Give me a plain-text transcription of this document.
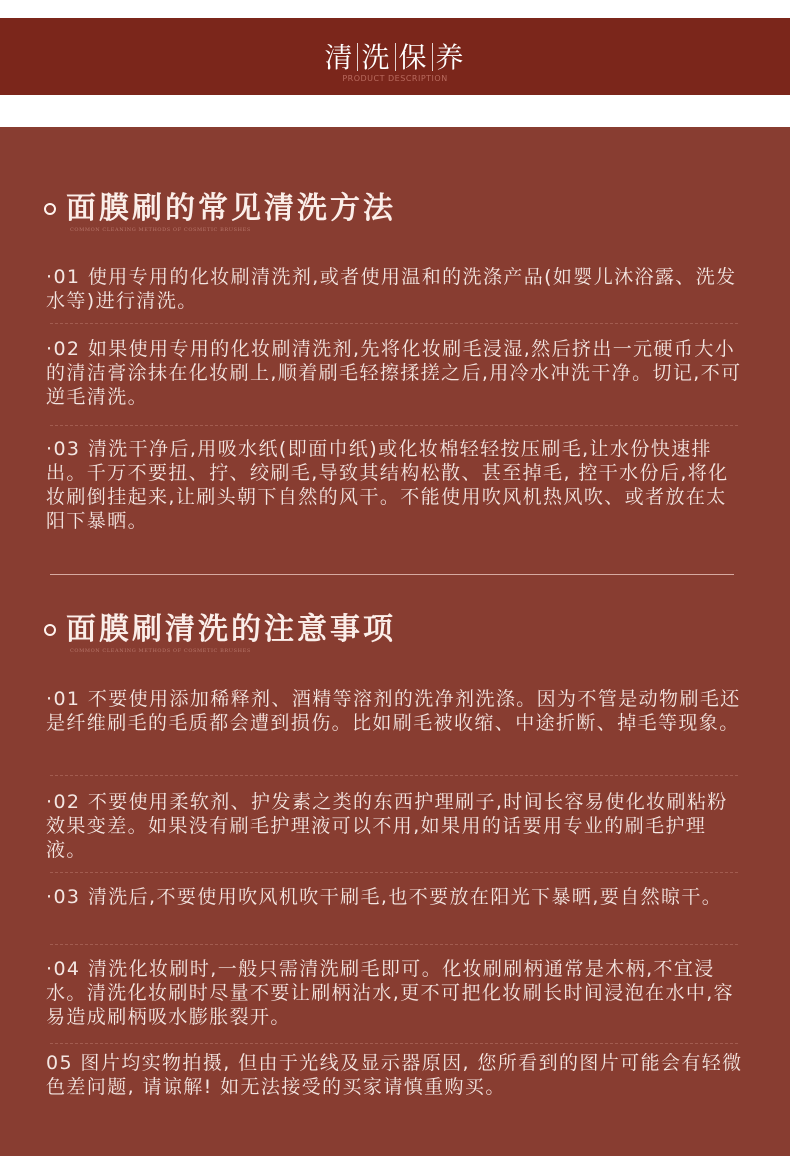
清 洗 保 养
PRODUCT DESCRIPTION
面膜刷的常见清洗方法
COMMON CLEANING METHODS OF COSMETIC BRUSHES

·01 使用专用的化妆刷清洗剂,或者使用温和的洗涤产品(如婴儿沐浴露、洗发水等)进行清洗。

·02 如果使用专用的化妆刷清洗剂,先将化妆刷毛浸湿,然后挤出一元硬币大小的清洁膏涂抹在化妆刷上,顺着刷毛轻擦揉搓之后,用冷水冲洗干净。切记,不可逆毛清洗。

·03 清洗干净后,用吸水纸(即面巾纸)或化妆棉轻轻按压刷毛,让水份快速排出。千万不要扭、拧、绞刷毛,导致其结构松散、甚至掉毛, 控干水份后,将化妆刷倒挂起来,让刷头朝下自然的风干。不能使用吹风机热风吹、或者放在太阳下暴晒。

面膜刷清洗的注意事项
COMMON CLEANING METHODS OF COSMETIC BRUSHES

·01 不要使用添加稀释剂、酒精等溶剂的洗净剂洗涤。因为不管是动物刷毛还是纤维刷毛的毛质都会遭到损伤。比如刷毛被收缩、中途折断、掉毛等现象。

·02 不要使用柔软剂、护发素之类的东西护理刷子,时间长容易使化妆刷粘粉效果变差。如果没有刷毛护理液可以不用,如果用的话要用专业的刷毛护理液。

·03 清洗后,不要使用吹风机吹干刷毛,也不要放在阳光下暴晒,要自然晾干。

·04 清洗化妆刷时,一般只需清洗刷毛即可。化妆刷刷柄通常是木柄,不宜浸水。清洗化妆刷时尽量不要让刷柄沾水,更不可把化妆刷长时间浸泡在水中,容易造成刷柄吸水膨胀裂开。

05 图片均实物拍摄, 但由于光线及显示器原因, 您所看到的图片可能会有轻微色差问题, 请谅解! 如无法接受的买家请慎重购买。
